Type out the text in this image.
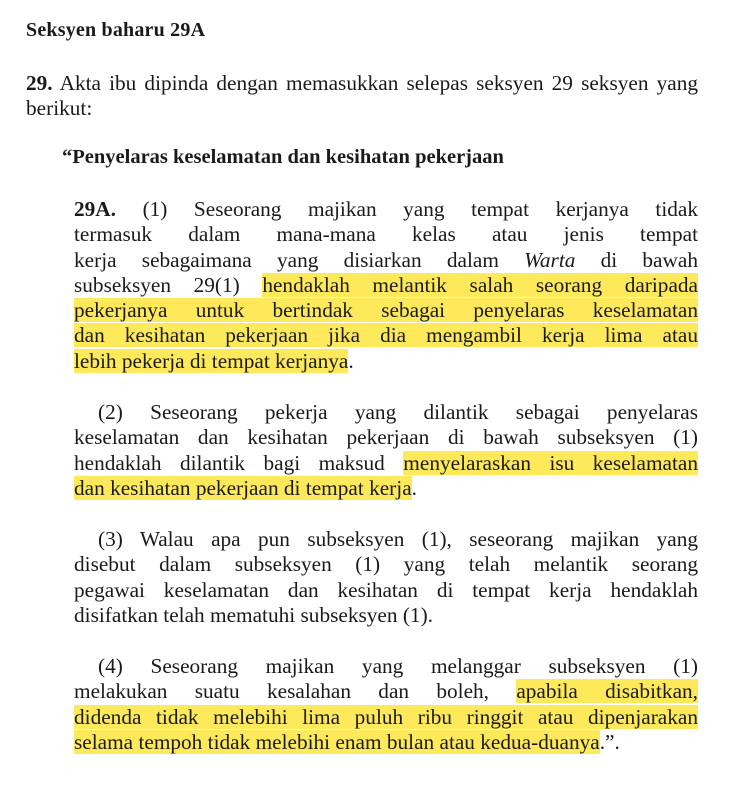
Seksyen baharu 29A
29. Akta ibu dipinda dengan memasukkan selepas seksyen 29 seksyen yang berikut:
“Penyelaras keselamatan dan kesihatan pekerjaan
29A. (1) Seseorang majikan yang tempat kerjanya tidak
termasuk dalam mana-mana kelas atau jenis tempat
kerja sebagaimana yang disiarkan dalam Warta di bawah
subseksyen 29(1) hendaklah melantik salah seorang daripada
pekerjanya untuk bertindak sebagai penyelaras keselamatan
dan kesihatan pekerjaan jika dia mengambil kerja lima atau
lebih pekerja di tempat kerjanya.
(2) Seseorang pekerja yang dilantik sebagai penyelaras
keselamatan dan kesihatan pekerjaan di bawah subseksyen (1)
hendaklah dilantik bagi maksud menyelaraskan isu keselamatan
dan kesihatan pekerjaan di tempat kerja.
(3) Walau apa pun subseksyen (1), seseorang majikan yang
disebut dalam subseksyen (1) yang telah melantik seorang
pegawai keselamatan dan kesihatan di tempat kerja hendaklah
disifatkan telah mematuhi subseksyen (1).
(4) Seseorang majikan yang melanggar subseksyen (1)
melakukan suatu kesalahan dan boleh, apabila disabitkan,
didenda tidak melebihi lima puluh ribu ringgit atau dipenjarakan
selama tempoh tidak melebihi enam bulan atau kedua-duanya.”.
